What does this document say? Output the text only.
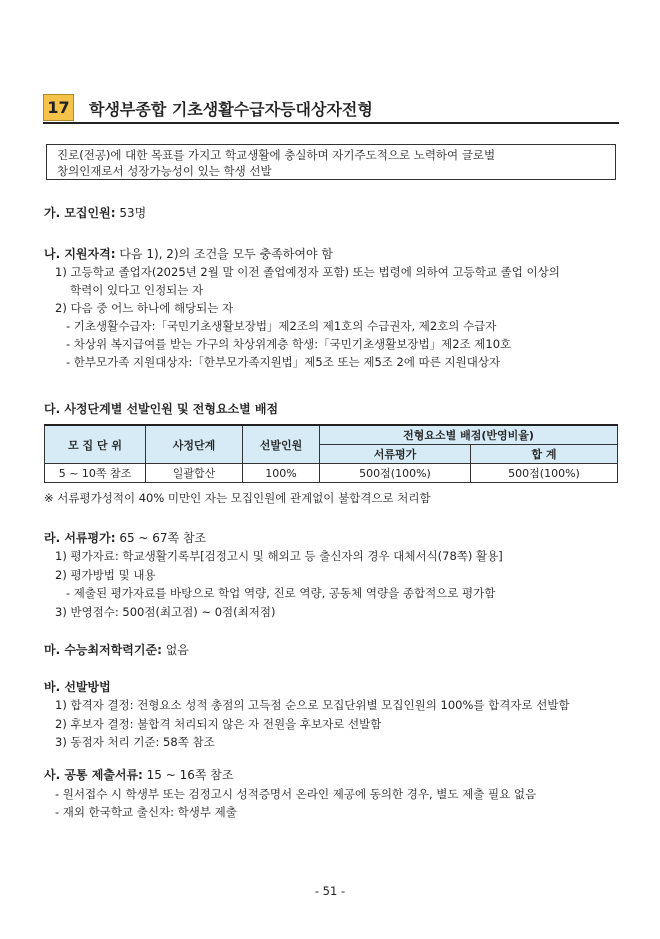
17 학생부종합 기초생활수급자등대상자전형
진로(전공)에 대한 목표를 가지고 학교생활에 충실하며 자기주도적으로 노력하여 글로벌
창의인재로서 성장가능성이 있는 학생 선발
가. 모집인원: 53명
나. 지원자격: 다음 1), 2)의 조건을 모두 충족하여야 함
1) 고등학교 졸업자(2025년 2월 말 이전 졸업예정자 포함) 또는 법령에 의하여 고등학교 졸업 이상의
학력이 있다고 인정되는 자
2) 다음 중 어느 하나에 해당되는 자
- 기초생활수급자:「국민기초생활보장법」제2조의 제1호의 수급권자, 제2호의 수급자
- 차상위 복지급여를 받는 가구의 차상위계층 학생:「국민기초생활보장법」제2조 제10호
- 한부모가족 지원대상자:「한부모가족지원법」제5조 또는 제5조 2에 따른 지원대상자
다. 사정단계별 선발인원 및 전형요소별 배점
모 집 단 위	사정단계	선발인원	전형요소별 배점(반영비율)	
			서류평가	합 계
5 ~ 10쪽 참조	일괄합산	100%	500점(100%)	500점(100%)
※ 서류평가성적이 40% 미만인 자는 모집인원에 관계없이 불합격으로 처리함
라. 서류평가: 65 ~ 67쪽 참조
1) 평가자료: 학교생활기록부[검정고시 및 해외고 등 출신자의 경우 대체서식(78쪽) 활용]
2) 평가방법 및 내용
- 제출된 평가자료를 바탕으로 학업 역량, 진로 역량, 공동체 역량을 종합적으로 평가함
3) 반영점수: 500점(최고점) ~ 0점(최저점)
마. 수능최저학력기준: 없음
바. 선발방법
1) 합격자 결정: 전형요소 성적 총점의 고득점 순으로 모집단위별 모집인원의 100%를 합격자로 선발함
2) 후보자 결정: 불합격 처리되지 않은 자 전원을 후보자로 선발함
3) 동점자 처리 기준: 58쪽 참조
사. 공통 제출서류: 15 ~ 16쪽 참조
- 원서접수 시 학생부 또는 검정고시 성적증명서 온라인 제공에 동의한 경우, 별도 제출 필요 없음
- 재외 한국학교 출신자: 학생부 제출
- 51 -
